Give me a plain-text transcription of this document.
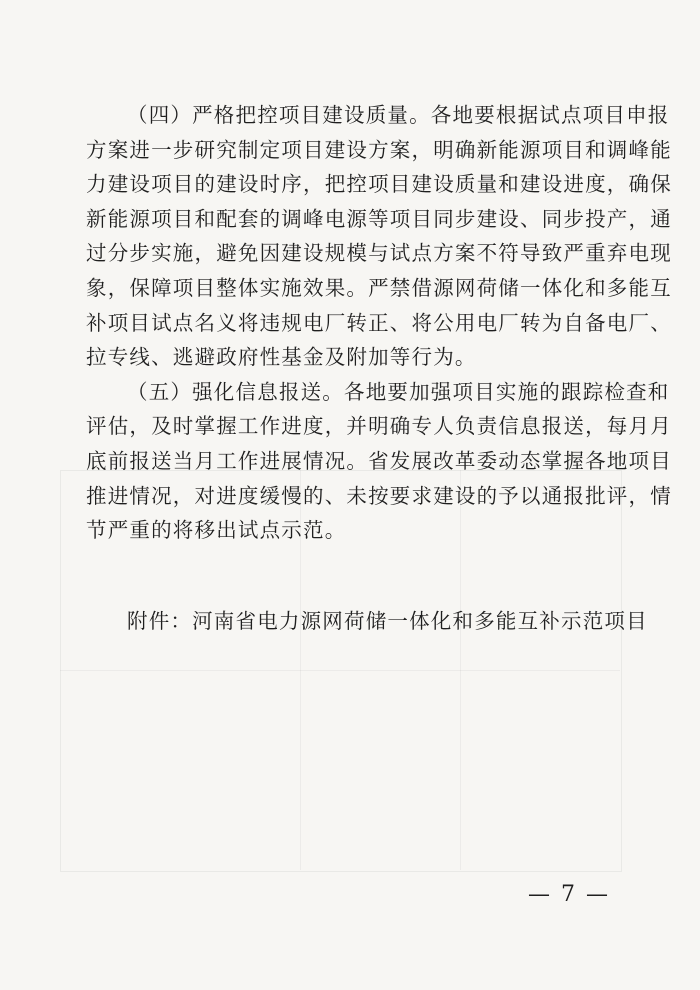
（四）严格把控项目建设质量。各地要根据试点项目申报

方案进一步研究制定项目建设方案，明确新能源项目和调峰能

力建设项目的建设时序，把控项目建设质量和建设进度，确保

新能源项目和配套的调峰电源等项目同步建设、同步投产，通

过分步实施，避免因建设规模与试点方案不符导致严重弃电现

象，保障项目整体实施效果。严禁借源网荷储一体化和多能互

补项目试点名义将违规电厂转正、将公用电厂转为自备电厂、

拉专线、逃避政府性基金及附加等行为。

（五）强化信息报送。各地要加强项目实施的跟踪检查和

评估，及时掌握工作进度，并明确专人负责信息报送，每月月

底前报送当月工作进展情况。省发展改革委动态掌握各地项目

推进情况，对进度缓慢的、未按要求建设的予以通报批评，情

节严重的将移出试点示范。

附件：河南省电力源网荷储一体化和多能互补示范项目
— 7 —
